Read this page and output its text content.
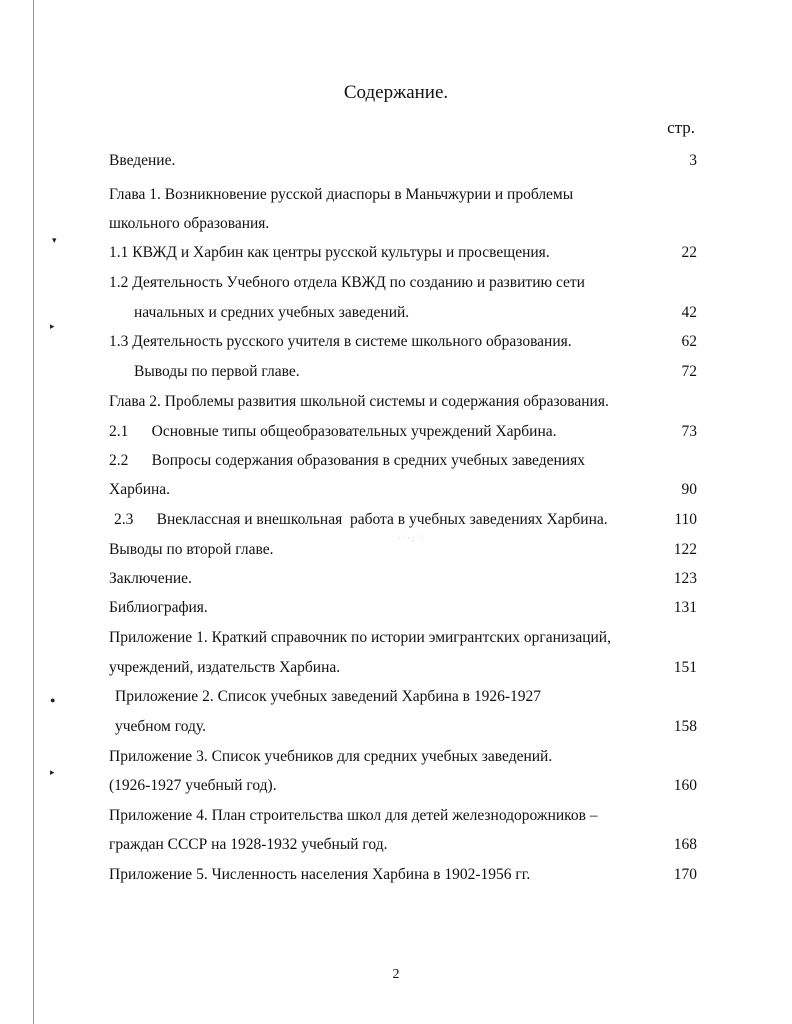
▾
▸
●
▸
·˙·:˙·
Содержание.
стр.
Введение.	3
Глава 1. Возникновение русской диаспоры в Маньчжурии и проблемы
школьного образования.
1.1 КВЖД и Харбин как центры русской культуры и просвещения.	22
1.2 Деятельность Учебного отдела КВЖД по созданию и развитию сети
начальных и средних учебных заведений.	42
1.3 Деятельность русского учителя в системе школьного образования.	62
Выводы по первой главе.	72
Глава 2. Проблемы развития школьной системы и содержания образования.
2.1      Основные типы общеобразовательных учреждений Харбина.	73
2.2      Вопросы содержания образования в средних учебных заведениях
Харбина.	90
2.3      Внеклассная и внешкольная  работа в учебных заведениях Харбина.	110
Выводы по второй главе.	122
Заключение.	123
Библиография.	131
Приложение 1. Краткий справочник по истории эмигрантских организаций,
учреждений, издательств Харбина.	151
Приложение 2. Список учебных заведений Харбина в 1926-1927
учебном году.	158
Приложение 3. Список учебников для средних учебных заведений.
(1926-1927 учебный год).	160
Приложение 4. План строительства школ для детей железнодорожников –
граждан СССР на 1928-1932 учебный год.	168
Приложение 5. Численность населения Харбина в 1902-1956 гг.	170
2
